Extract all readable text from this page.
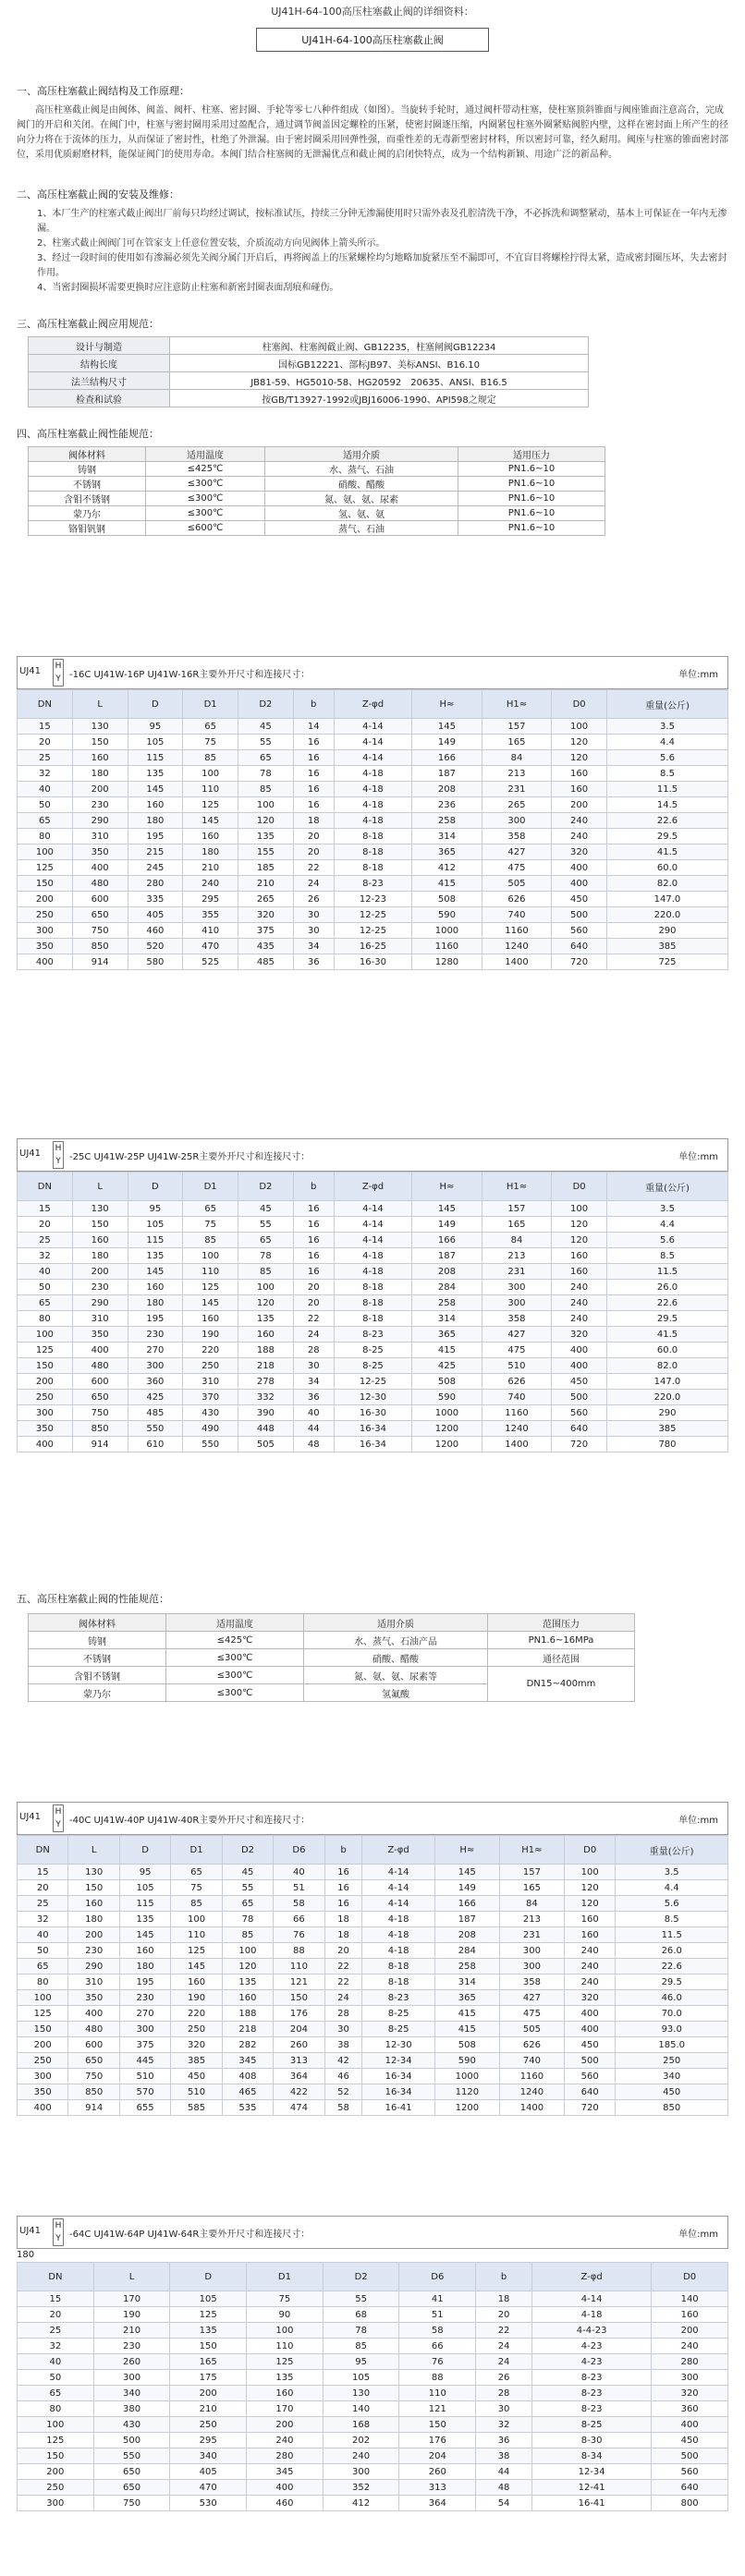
UJ41H-64-100高压柱塞截止阀的详细资料：
UJ41H-64-100高压柱塞截止阀
一、高压柱塞截止阀结构及工作原理：

高压柱塞截止阀是由阀体、阀盖、阀杆、柱塞、密封圈、手轮等零七八种件组成（如图）。当旋转手轮时，通过阀杆带动柱塞，使柱塞顶斜锥面与阀座锥面注意高合，完成阀门的开启和关闭。在阀门中，柱塞与密封圈用采用过盈配合，通过调节阀盖因定螺栓的压紧，使密封圈逐压缩，内圈紧包柱塞外圈紧贴阀腔内壁，这样在密封面上所产生的径向分力将在于流体的压力，从而保证了密封性，杜绝了外泄漏。由于密封圈采用回弹性强，而重性差的无毒新型密封材料，所以密封可靠，经久耐用。阀座与柱塞的锥面密封部位，采用优质耐磨材料，能保证阀门的使用寿命。本阀门结合柱塞阀的无泄漏优点和截止阀的启闭快特点，成为一个结构新颖、用途广泛的新品种。

二、高压柱塞截止阀的安装及维修：
1、本厂生产的柱塞式截止阀出厂前每只均经过调试，按标准试压，持续三分钟无渗漏使用时只需外表及孔腔清洗干净，不必拆洗和调整紧动，基本上可保证在一年内无渗漏。
2、柱塞式截止阀阀门可在管家支上任意位置安装，介质流动方向见阀体上箭头所示。
3、经过一段时间的使用如有渗漏必须先关阀分属门开启后，再将阀盖上的压紧螺栓均匀地略加旋紧压至不漏即可，不宜盲目将螺栓拧得太紧，造成密封圈压坏，失去密封作用。
4、当密封圈损坏需要更换时应注意防止柱塞和新密封圈表面刮痕和碰伤。
三、高压柱塞截止阀应用规范：
设计与制造	柱塞阀、柱塞阀截止阀、GB12235，柱塞闸阀GB12234
结构长度	国标GB12221、部标JB97、美标ANSI、B16.10
法兰结构尺寸	JB81-59、HG5010-58、HG20592　20635、ANSI、B16.5
检查和试验	按GB/T13927-1992或JBJ16006-1990、API598之规定
四、高压柱塞截止阀性能规范：
阀体材料	适用温度	适用介质	适用压力
铸钢	≤425℃	水、蒸气、石油	PN1.6~10
不锈钢	≤300℃	硝酸、醋酸	PN1.6~10
含钼不锈钢	≤300℃	氮、氨、氨、尿素	PN1.6~10
蒙乃尔	≤300℃	氢、氨、氨	PN1.6~10
铬钼钒钢	≤600℃	蒸气、石油	PN1.6~10
UJ41 H
Y -16C UJ41W-16P UJ41W-16R主要外开尺寸和连接尺寸：	单位:mm
DN	L	D	D1	D2	b	Z-φd	H≈	H1≈	D0	重量(公斤)
15	130	95	65	45	14	4-14	145	157	100	3.5
20	150	105	75	55	16	4-14	149	165	120	4.4
25	160	115	85	65	16	4-14	166	84	120	5.6
32	180	135	100	78	16	4-18	187	213	160	8.5
40	200	145	110	85	16	4-18	208	231	160	11.5
50	230	160	125	100	16	4-18	236	265	200	14.5
65	290	180	145	120	18	4-18	258	300	240	22.6
80	310	195	160	135	20	8-18	314	358	240	29.5
100	350	215	180	155	20	8-18	365	427	320	41.5
125	400	245	210	185	22	8-18	412	475	400	60.0
150	480	280	240	210	24	8-23	415	505	400	82.0
200	600	335	295	265	26	12-23	508	626	450	147.0
250	650	405	355	320	30	12-25	590	740	500	220.0
300	750	460	410	375	30	12-25	1000	1160	560	290
350	850	520	470	435	34	16-25	1160	1240	640	385
400	914	580	525	485	36	16-30	1280	1400	720	725
UJ41 H
Y -25C UJ41W-25P UJ41W-25R主要外开尺寸和连接尺寸：	单位:mm
DN	L	D	D1	D2	b	Z-φd	H≈	H1≈	D0	重量(公斤)
15	130	95	65	45	16	4-14	145	157	100	3.5
20	150	105	75	55	16	4-14	149	165	120	4.4
25	160	115	85	65	16	4-14	166	84	120	5.6
32	180	135	100	78	16	4-18	187	213	160	8.5
40	200	145	110	85	16	4-18	208	231	160	11.5
50	230	160	125	100	20	8-18	284	300	240	26.0
65	290	180	145	120	20	8-18	258	300	240	22.6
80	310	195	160	135	22	8-18	314	358	240	29.5
100	350	230	190	160	24	8-23	365	427	320	41.5
125	400	270	220	188	28	8-25	415	475	400	60.0
150	480	300	250	218	30	8-25	425	510	400	82.0
200	600	360	310	278	34	12-25	508	626	450	147.0
250	650	425	370	332	36	12-30	590	740	500	220.0
300	750	485	430	390	40	16-30	1000	1160	560	290
350	850	550	490	448	44	16-34	1200	1240	640	385
400	914	610	550	505	48	16-34	1200	1400	720	780
五、高压柱塞截止阀的性能规范：
阀体材料	适用温度	适用介质	范围压力
铸钢	≤425℃	水、蒸气、石油产品	PN1.6~16MPa
不锈钢	≤300℃	硝酸、醋酸	通径范围
含钼不锈钢	≤300℃	氮、氨、氨、尿素等	DN15~400mm
蒙乃尔	≤300℃	氢氟酸	
UJ41 H
Y -40C UJ41W-40P UJ41W-40R主要外开尺寸和连接尺寸：	单位:mm
DN	L	D	D1	D2	D6	b	Z-φd	H≈	H1≈	D0	重量(公斤)
15	130	95	65	45	40	16	4-14	145	157	100	3.5
20	150	105	75	55	51	16	4-14	149	165	120	4.4
25	160	115	85	65	58	16	4-14	166	84	120	5.6
32	180	135	100	78	66	18	4-18	187	213	160	8.5
40	200	145	110	85	76	18	4-18	208	231	160	11.5
50	230	160	125	100	88	20	4-18	284	300	240	26.0
65	290	180	145	120	110	22	8-18	258	300	240	22.6
80	310	195	160	135	121	22	8-18	314	358	240	29.5
100	350	230	190	160	150	24	8-23	365	427	320	46.0
125	400	270	220	188	176	28	8-25	415	475	400	70.0
150	480	300	250	218	204	30	8-25	415	505	400	93.0
200	600	375	320	282	260	38	12-30	508	626	450	185.0
250	650	445	385	345	313	42	12-34	590	740	500	250
300	750	510	450	408	364	46	16-34	1000	1160	560	340
350	850	570	510	465	422	52	16-34	1120	1240	640	450
400	914	655	585	535	474	58	16-41	1200	1400	720	850
UJ41 H
Y -64C UJ41W-64P UJ41W-64R主要外开尺寸和连接尺寸：	单位:mm
180
DN	L	D	D1	D2	D6	b	Z-φd	D0
15	170	105	75	55	41	18	4-14	140
20	190	125	90	68	51	20	4-18	160
25	210	135	100	78	58	22	4-4-23	200
32	230	150	110	85	66	24	4-23	240
40	260	165	125	95	76	24	4-23	280
50	300	175	135	105	88	26	8-23	300
65	340	200	160	130	110	28	8-23	320
80	380	210	170	140	121	30	8-23	360
100	430	250	200	168	150	32	8-25	400
125	500	295	240	202	176	36	8-30	450
150	550	340	280	240	204	38	8-34	500
200	650	405	345	300	260	44	12-34	560
250	650	470	400	352	313	48	12-41	640
300	750	530	460	412	364	54	16-41	800
